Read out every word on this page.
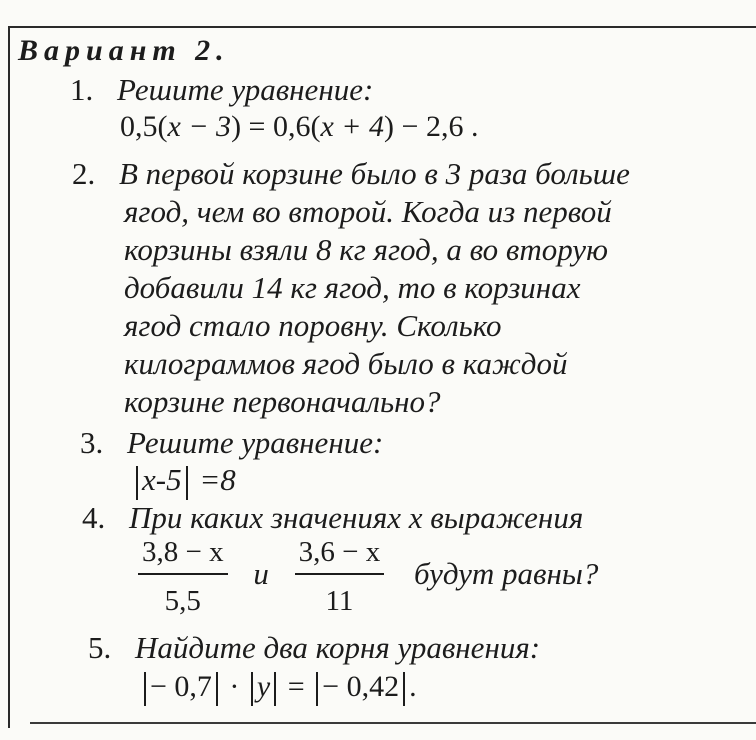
Вариант 2.
1. Решите уравнение:
0,5(x − 3) = 0,6(x + 4) − 2,6 .
2. В первой корзине было в 3 раза больше
ягод, чем во второй. Когда из первой
корзины взяли 8 кг ягод, а во вторую
добавили 14 кг ягод, то в корзинах
ягод стало поровну. Сколько
килограммов ягод было в каждой
корзине первоначально?
3. Решите уравнение:
x-5 =8
4. При каких значениях х выражения
$\frac{3,8 - x}{5,5}$ и $\frac{3,6 - x}{11}$ будут равны?
5. Найдите два корня уравнения:
− 0,7 · y = − 0,42 .
